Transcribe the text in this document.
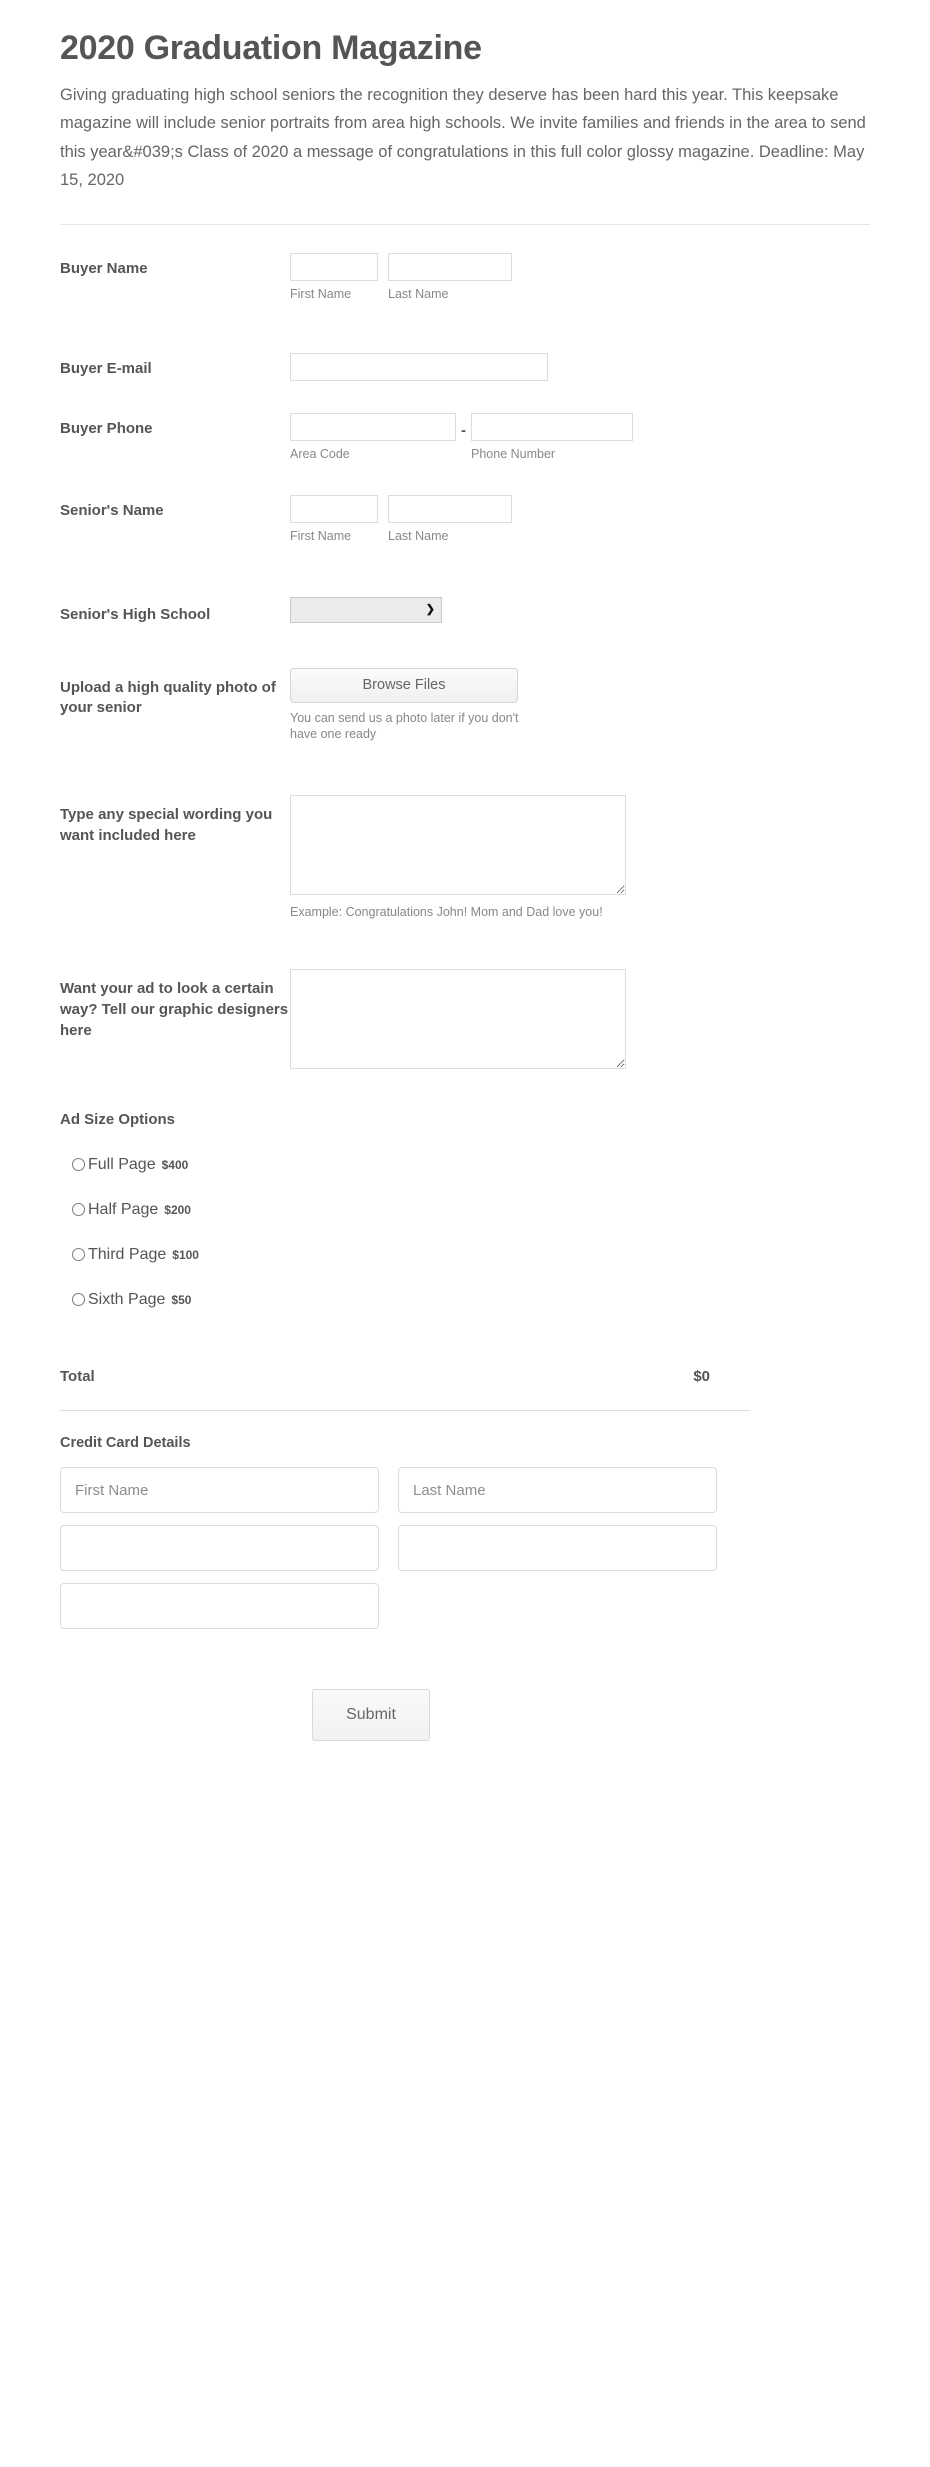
2020 Graduation Magazine

Giving graduating high school seniors the recognition they deserve has been hard this year. This keepsake magazine will include senior portraits from area high schools. We invite families and friends in the area to send this year&#039;s Class of 2020 a message of congratulations in this full color glossy magazine. Deadline: May 15, 2020

Buyer Name
First Name	Last Name
Buyer E-mail
Buyer Phone
Area Code
-
Phone Number
Senior's Name
First Name	Last Name
Senior's High School	❯
Upload a high quality photo of your senior
Browse Files
You can send us a photo later if you don't have one ready
Type any special wording you want included here
Example: Congratulations John! Mom and Dad love you!
Want your ad to look a certain way? Tell our graphic designers here
Ad Size Options
Full Page $400
Half Page $200
Third Page $100
Sixth Page $50
Total	$0
Credit Card Details
First Name
Last Name
Submit
